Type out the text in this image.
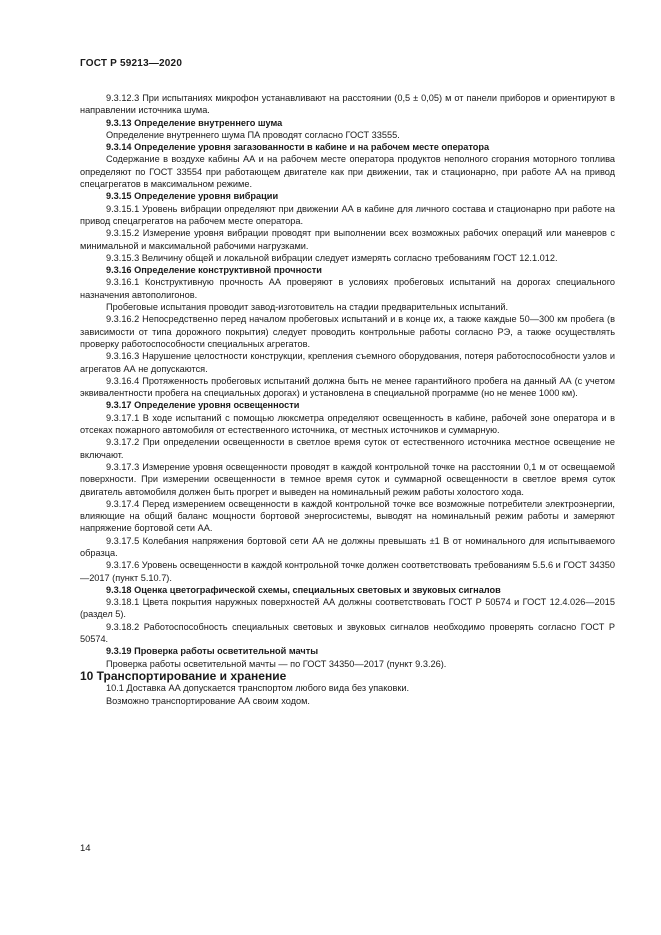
ГОСТ Р 59213—2020

9.3.12.3 При испытаниях микрофон устанавливают на расстоянии (0,5 ± 0,05) м от панели приборов и ориентируют в направлении источника шума.

9.3.13 Определение внутреннего шума

Определение внутреннего шума ПА проводят согласно ГОСТ 33555.

9.3.14 Определение уровня загазованности в кабине и на рабочем месте оператора

Содержание в воздухе кабины АА и на рабочем месте оператора продуктов неполного сгорания моторного топлива определяют по ГОСТ 33554 при работающем двигателе как при движении, так и стационарно, при работе АА на привод спецагрегатов в максимальном режиме.

9.3.15 Определение уровня вибрации

9.3.15.1 Уровень вибрации определяют при движении АА в кабине для личного состава и стационарно при работе на привод спецагрегатов на рабочем месте оператора.

9.3.15.2 Измерение уровня вибрации проводят при выполнении всех возможных рабочих операций или маневров с минимальной и максимальной рабочими нагрузками.

9.3.15.3 Величину общей и локальной вибрации следует измерять согласно требованиям ГОСТ 12.1.012.

9.3.16 Определение конструктивной прочности

9.3.16.1 Конструктивную прочность АА проверяют в условиях пробеговых испытаний на дорогах специального назначения автополигонов.

Пробеговые испытания проводит завод-изготовитель на стадии предварительных испытаний.

9.3.16.2 Непосредственно перед началом пробеговых испытаний и в конце их, а также каждые 50—300 км пробега (в зависимости от типа дорожного покрытия) следует проводить контрольные работы согласно РЭ, а также осуществлять проверку работоспособности специальных агрегатов.

9.3.16.3 Нарушение целостности конструкции, крепления съемного оборудования, потеря работоспособности узлов и агрегатов АА не допускаются.

9.3.16.4 Протяженность пробеговых испытаний должна быть не менее гарантийного пробега на данный АА (с учетом эквивалентности пробега на специальных дорогах) и установлена в специальной программе (но не менее 1000 км).

9.3.17 Определение уровня освещенности

9.3.17.1 В ходе испытаний с помощью люксметра определяют освещенность в кабине, рабочей зоне оператора и в отсеках пожарного автомобиля от естественного источника, от местных источников и суммарную.

9.3.17.2 При определении освещенности в светлое время суток от естественного источника местное освещение не включают.

9.3.17.3 Измерение уровня освещенности проводят в каждой контрольной точке на расстоянии 0,1 м от освещаемой поверхности. При измерении освещенности в темное время суток и суммарной освещенности в светлое время суток двигатель автомобиля должен быть прогрет и выведен на номинальный режим работы холостого хода.

9.3.17.4 Перед измерением освещенности в каждой контрольной точке все возможные потребители электроэнергии, влияющие на общий баланс мощности бортовой энергосистемы, выводят на номинальный режим работы и замеряют напряжение бортовой сети АА.

9.3.17.5 Колебания напряжения бортовой сети АА не должны превышать ±1 В от номинального для испытываемого образца.

9.3.17.6 Уровень освещенности в каждой контрольной точке должен соответствовать требованиям 5.5.6 и ГОСТ 34350—2017 (пункт 5.10.7).

9.3.18 Оценка цветографической схемы, специальных световых и звуковых сигналов

9.3.18.1 Цвета покрытия наружных поверхностей АА должны соответствовать ГОСТ Р 50574 и ГОСТ 12.4.026—2015 (раздел 5).

9.3.18.2 Работоспособность специальных световых и звуковых сигналов необходимо проверять согласно ГОСТ Р 50574.

9.3.19 Проверка работы осветительной мачты

Проверка работы осветительной мачты — по ГОСТ 34350—2017 (пункт 9.3.26).

10 Транспортирование и хранение

10.1 Доставка АА допускается транспортом любого вида без упаковки.

Возможно транспортирование АА своим ходом.

14
